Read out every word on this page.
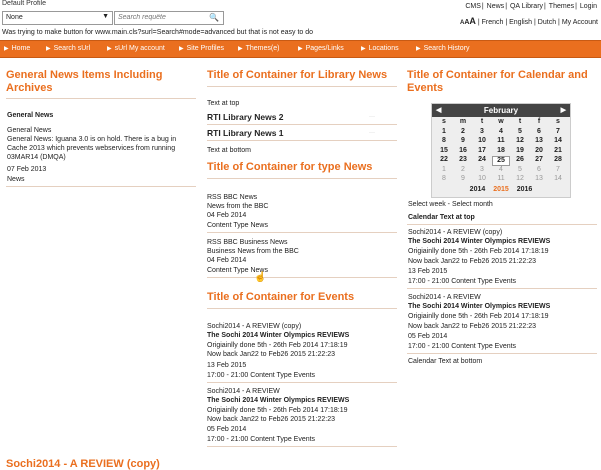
Default Profile
None	▼
Search requête	🔍
Was trying to make button for www.main.cls?surl=Search#mode=advanced but that is not easy to do
CMS| News| QA Library| Themes| Login
AAA | French | English | Dutch | My Account
▶ Home	▶ Search sUrl	▶ sUrl My account ▶ Site Profiles ▶ Themes(e)	▶ Pages/Links	▶ Locations	▶ Search History
General News Items Including Archives
General News
General News
General News: Iguana 3.0 is on hold. There is a bug in
Cache 2013 which prevents webservices from running
03MAR14 (DMQA)
07 Feb 2013
News
Title of Container for Library News
Text at top
RTI Library News 2	···
RTI Library News 1	···
Text at bottom
Title of Container for type News
RSS BBC News
News from the BBC
04 Feb 2014
Content Type News
RSS BBC Business News
Business News from the BBC
04 Feb 2014
Content Type News
☝
Title of Container for Events
Sochi2014 - A REVIEW (copy)
The Sochi 2014 Winter Olympics REVIEWS
Origiainlly done 5th - 26th Feb 2014 17:18:19
Now back Jan22 to Feb26 2015 21:22:23
13 Feb 2015
17:00 - 21:00 Content Type Events
Sochi2014 - A REVIEW
The Sochi 2014 Winter Olympics REVIEWS
Origiainlly done 5th - 26th Feb 2014 17:18:19
Now back Jan22 to Feb26 2015 21:22:23
05 Feb 2014
17:00 - 21:00 Content Type Events
Title of Container for Calendar and Events
◀	February	▶
s	m	t	w	t	f	s
1	2	3	4	5	6	7
8	9	10	11	12	13	14
15	16	17	18	19	20	21
22	23	24	25	26	27	28
1	2	3	4	5	6	7
8	9	10	11	12	13	14
2014 2015 2016
Select week - Select month
Calendar Text at top
Sochi2014 - A REVIEW (copy)
The Sochi 2014 Winter Olympics REVIEWS
Origiainlly done 5th - 26th Feb 2014 17:18:19
Now back Jan22 to Feb26 2015 21:22:23
13 Feb 2015
17:00 - 21:00 Content Type Events
Sochi2014 - A REVIEW
The Sochi 2014 Winter Olympics REVIEWS
Origiainlly done 5th - 26th Feb 2014 17:18:19
Now back Jan22 to Feb26 2015 21:22:23
05 Feb 2014
17:00 - 21:00 Content Type Events
Calendar Text at bottom
Sochi2014 - A REVIEW (copy)
